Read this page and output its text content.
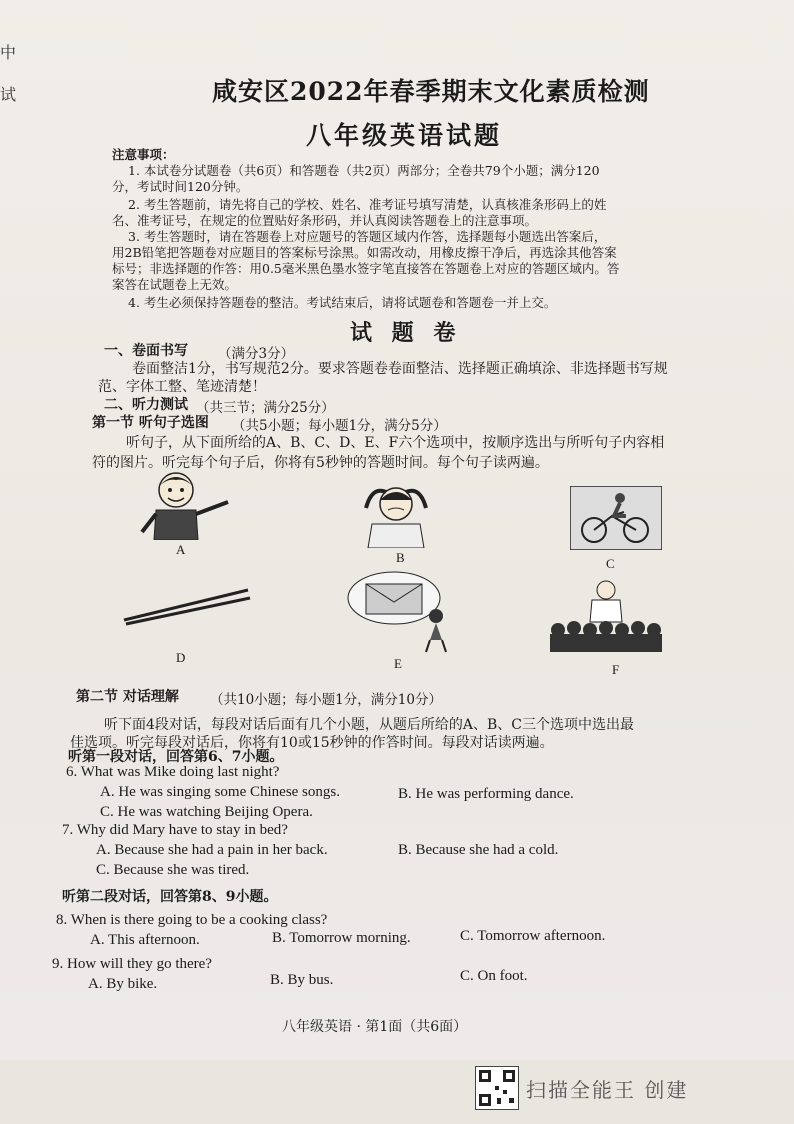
中
试	咸安区2022年春季期末文化素质检测
八年级英语试题
注意事项：
1. 本试卷分试题卷（共6页）和答题卷（共2页）两部分；全卷共79个小题；满分120
分，考试时间120分钟。
2. 考生答题前，请先将自己的学校、姓名、准考证号填写清楚，认真核准条形码上的姓
名、准考证号，在规定的位置贴好条形码，并认真阅读答题卷上的注意事项。
3. 考生答题时，请在答题卷上对应题号的答题区域内作答，选择题每小题选出答案后，
用2B铅笔把答题卷对应题目的答案标号涂黑。如需改动，用橡皮擦干净后，再选涂其他答案
标号；非选择题的作答：用0.5毫米黑色墨水签字笔直接答在答题卷上对应的答题区域内。答
案答在试题卷上无效。
4. 考生必须保持答题卷的整洁。考试结束后，请将试题卷和答题卷一并上交。
试 题 卷
一、卷面书写 （满分3分）
卷面整洁1分，书写规范2分。要求答题卷卷面整洁、选择题正确填涂、非选择题书写规
范、字体工整、笔迹清楚！
二、听力测试 （共三节；满分25分）
第一节 听句子选图 （共5小题；每小题1分，满分5分）
听句子，从下面所给的A、B、C、D、E、F六个选项中，按顺序选出与所听句子内容相
符的图片。听完每个句子后，你将有5秒钟的答题时间。每个句子读两遍。
A
B	C
D	E	F
第二节 对话理解 （共10小题；每小题1分，满分10分）
听下面4段对话，每段对话后面有几个小题，从题后所给的A、B、C三个选项中选出最
佳选项。听完每段对话后，你将有10或15秒钟的作答时间。每段对话读两遍。
听第一段对话，回答第6、7小题。
6. What was Mike doing last night?
A. He was singing some Chinese songs.	B. He was performing dance.
C. He was watching Beijing Opera.
7. Why did Mary have to stay in bed?
A. Because she had a pain in her back.	B. Because she had a cold.
C. Because she was tired.
听第二段对话，回答第8、9小题。
8. When is there going to be a cooking class?
A. This afternoon.	B. Tomorrow morning.	C. Tomorrow afternoon.
9. How will they go there?
A. By bike.	B. By bus.	C. On foot.
八年级英语 · 第1面（共6面）
扫描全能王 创建
